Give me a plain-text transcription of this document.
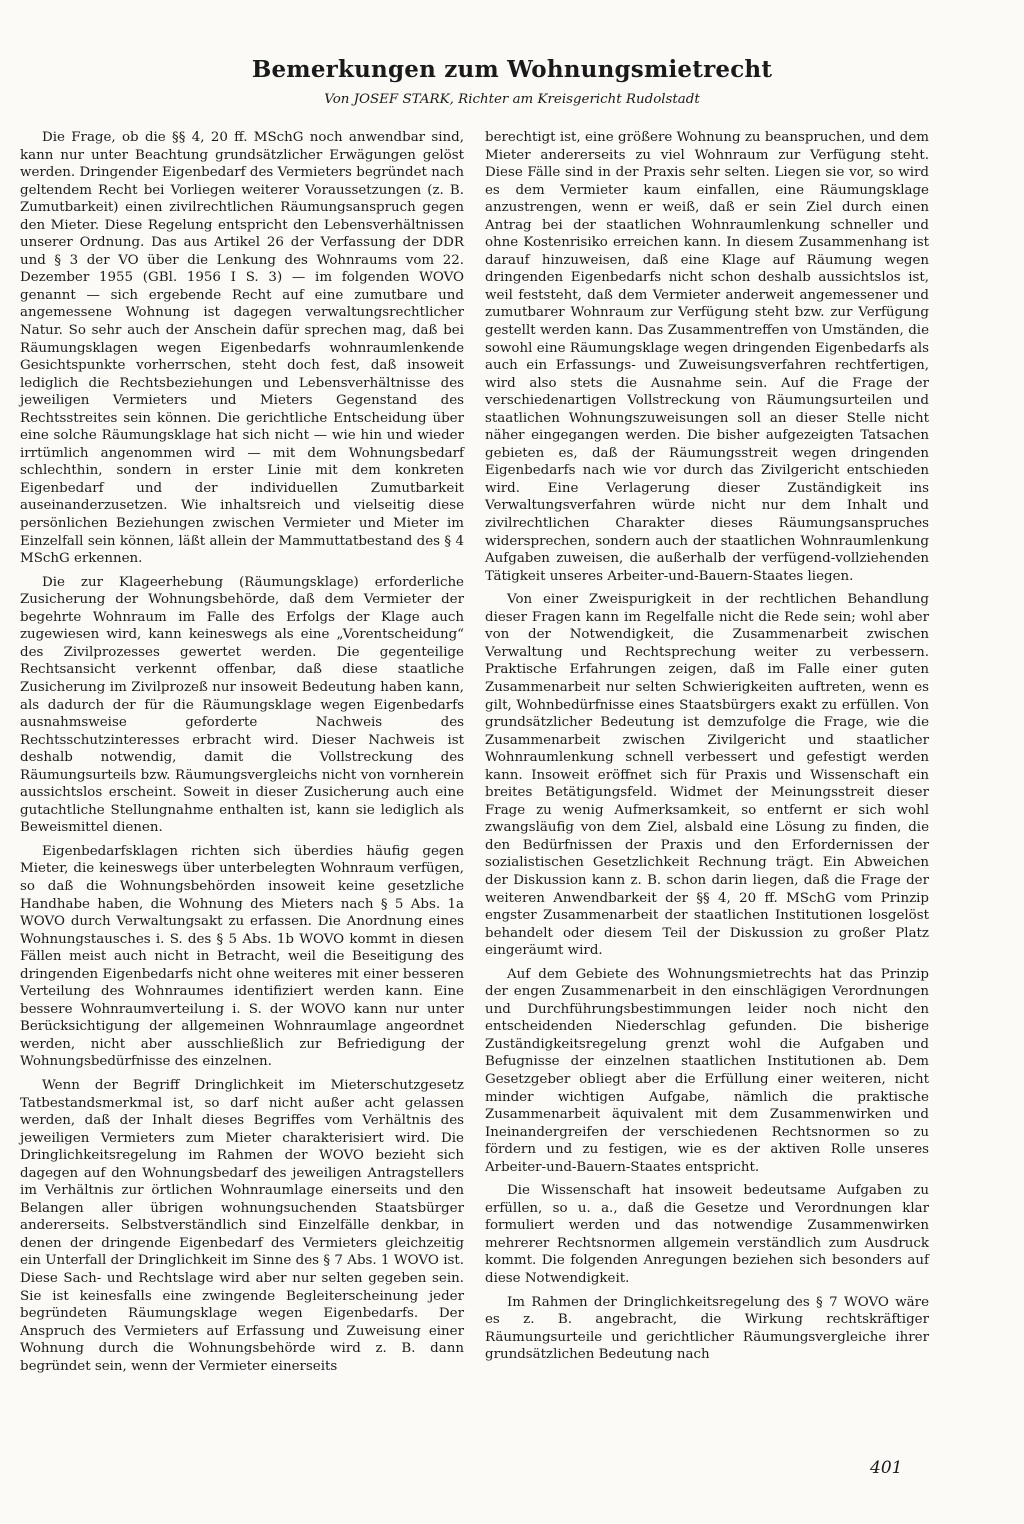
Bemerkungen zum Wohnungsmietrecht
Von JOSEF STARK, Richter am Kreisgericht Rudolstadt

Die Frage, ob die §§ 4, 20 ff. MSchG noch anwendbar sind, kann nur unter Beachtung grundsätzlicher Erwägungen gelöst werden. Dringender Eigenbedarf des Vermieters begründet nach geltendem Recht bei Vorliegen weiterer Voraussetzungen (z. B. Zumutbarkeit) einen zivilrechtlichen Räumungsanspruch gegen den Mieter. Diese Regelung entspricht den Lebensverhältnissen unserer Ordnung. Das aus Artikel 26 der Verfassung der DDR und § 3 der VO über die Lenkung des Wohnraums vom 22. Dezember 1955 (GBl. 1956 I S. 3) — im folgenden WOVO genannt — sich ergebende Recht auf eine zumutbare und angemessene Wohnung ist dagegen verwaltungsrechtlicher Natur. So sehr auch der Anschein dafür sprechen mag, daß bei Räumungsklagen wegen Eigenbedarfs wohnraumlenkende Gesichtspunkte vorherrschen, steht doch fest, daß insoweit lediglich die Rechtsbeziehungen und Lebensverhältnisse des jeweiligen Vermieters und Mieters Gegenstand des Rechtsstreites sein können. Die gerichtliche Entscheidung über eine solche Räumungsklage hat sich nicht — wie hin und wieder irrtümlich angenommen wird — mit dem Wohnungsbedarf schlechthin, sondern in erster Linie mit dem konkreten Eigenbedarf und der individuellen Zumutbarkeit auseinanderzusetzen. Wie inhaltsreich und vielseitig diese persönlichen Beziehungen zwischen Vermieter und Mieter im Einzelfall sein können, läßt allein der Mammuttatbestand des § 4 MSchG erkennen.

Die zur Klageerhebung (Räumungsklage) erforderliche Zusicherung der Wohnungsbehörde, daß dem Vermieter der begehrte Wohnraum im Falle des Erfolgs der Klage auch zugewiesen wird, kann keineswegs als eine „Vorentscheidung“ des Zivilprozesses gewertet werden. Die gegenteilige Rechtsansicht verkennt offenbar, daß diese staatliche Zusicherung im Zivilprozeß nur insoweit Bedeutung haben kann, als dadurch der für die Räumungsklage wegen Eigenbedarfs ausnahmsweise geforderte Nachweis des Rechtsschutzinteresses erbracht wird. Dieser Nachweis ist deshalb notwendig, damit die Vollstreckung des Räumungsurteils bzw. Räumungsvergleichs nicht von vornherein aussichtslos erscheint. Soweit in dieser Zusicherung auch eine gutachtliche Stellungnahme enthalten ist, kann sie lediglich als Beweismittel dienen.

Eigenbedarfsklagen richten sich überdies häufig gegen Mieter, die keineswegs über unterbelegten Wohnraum verfügen, so daß die Wohnungsbehörden insoweit keine gesetzliche Handhabe haben, die Wohnung des Mieters nach § 5 Abs. 1a WOVO durch Verwaltungsakt zu erfassen. Die Anordnung eines Wohnungstausches i. S. des § 5 Abs. 1b WOVO kommt in diesen Fällen meist auch nicht in Betracht, weil die Beseitigung des dringenden Eigenbedarfs nicht ohne weiteres mit einer besseren Verteilung des Wohnraumes identifiziert werden kann. Eine bessere Wohnraumverteilung i. S. der WOVO kann nur unter Berücksichtigung der allgemeinen Wohnraumlage angeordnet werden, nicht aber ausschließlich zur Befriedigung der Wohnungsbedürfnisse des einzelnen.

Wenn der Begriff Dringlichkeit im Mieterschutzgesetz Tatbestandsmerkmal ist, so darf nicht außer acht gelassen werden, daß der Inhalt dieses Begriffes vom Verhältnis des jeweiligen Vermieters zum Mieter charakterisiert wird. Die Dringlichkeitsregelung im Rahmen der WOVO bezieht sich dagegen auf den Wohnungsbedarf des jeweiligen Antragstellers im Verhältnis zur örtlichen Wohnraumlage einerseits und den Belangen aller übrigen wohnungsuchenden Staatsbürger andererseits. Selbstverständlich sind Einzelfälle denkbar, in denen der dringende Eigenbedarf des Vermieters gleichzeitig ein Unterfall der Dringlichkeit im Sinne des § 7 Abs. 1 WOVO ist. Diese Sach- und Rechtslage wird aber nur selten gegeben sein. Sie ist keinesfalls eine zwingende Begleiterscheinung jeder begründeten Räumungsklage wegen Eigenbedarfs. Der Anspruch des Vermieters auf Erfassung und Zuweisung einer Wohnung durch die Wohnungsbehörde wird z. B. dann begründet sein, wenn der Vermieter einerseits

berechtigt ist, eine größere Wohnung zu beanspruchen, und dem Mieter andererseits zu viel Wohnraum zur Verfügung steht. Diese Fälle sind in der Praxis sehr selten. Liegen sie vor, so wird es dem Vermieter kaum einfallen, eine Räumungsklage anzustrengen, wenn er weiß, daß er sein Ziel durch einen Antrag bei der staatlichen Wohnraumlenkung schneller und ohne Kostenrisiko erreichen kann. In diesem Zusammenhang ist darauf hinzuweisen, daß eine Klage auf Räumung wegen dringenden Eigenbedarfs nicht schon deshalb aussichtslos ist, weil feststeht, daß dem Vermieter anderweit angemessener und zumutbarer Wohnraum zur Verfügung steht bzw. zur Verfügung gestellt werden kann. Das Zusammentreffen von Umständen, die sowohl eine Räumungsklage wegen dringenden Eigenbedarfs als auch ein Erfassungs- und Zuweisungsverfahren rechtfertigen, wird also stets die Ausnahme sein. Auf die Frage der verschiedenartigen Vollstreckung von Räumungsurteilen und staatlichen Wohnungszuweisungen soll an dieser Stelle nicht näher eingegangen werden. Die bisher aufgezeigten Tatsachen gebieten es, daß der Räumungsstreit wegen dringenden Eigenbedarfs nach wie vor durch das Zivilgericht entschieden wird. Eine Verlagerung dieser Zuständigkeit ins Verwaltungsverfahren würde nicht nur dem Inhalt und zivilrechtlichen Charakter dieses Räumungsanspruches widersprechen, sondern auch der staatlichen Wohnraumlenkung Aufgaben zuweisen, die außerhalb der verfügend-vollziehenden Tätigkeit unseres Arbeiter-und-Bauern-Staates liegen.

Von einer Zweispurigkeit in der rechtlichen Behandlung dieser Fragen kann im Regelfalle nicht die Rede sein; wohl aber von der Notwendigkeit, die Zusammenarbeit zwischen Verwaltung und Rechtsprechung weiter zu verbessern. Praktische Erfahrungen zeigen, daß im Falle einer guten Zusammenarbeit nur selten Schwierigkeiten auftreten, wenn es gilt, Wohnbedürfnisse eines Staatsbürgers exakt zu erfüllen. Von grundsätzlicher Bedeutung ist demzufolge die Frage, wie die Zusammenarbeit zwischen Zivilgericht und staatlicher Wohnraumlenkung schnell verbessert und gefestigt werden kann. Insoweit eröffnet sich für Praxis und Wissenschaft ein breites Betätigungsfeld. Widmet der Meinungsstreit dieser Frage zu wenig Aufmerksamkeit, so entfernt er sich wohl zwangsläufig von dem Ziel, alsbald eine Lösung zu finden, die den Bedürfnissen der Praxis und den Erfordernissen der sozialistischen Gesetzlichkeit Rechnung trägt. Ein Abweichen der Diskussion kann z. B. schon darin liegen, daß die Frage der weiteren Anwendbarkeit der §§ 4, 20 ff. MSchG vom Prinzip engster Zusammenarbeit der staatlichen Institutionen losgelöst behandelt oder diesem Teil der Diskussion zu großer Platz eingeräumt wird.

Auf dem Gebiete des Wohnungsmietrechts hat das Prinzip der engen Zusammenarbeit in den einschlägigen Verordnungen und Durchführungsbestimmungen leider noch nicht den entscheidenden Niederschlag gefunden. Die bisherige Zuständigkeitsregelung grenzt wohl die Aufgaben und Befugnisse der einzelnen staatlichen Institutionen ab. Dem Gesetzgeber obliegt aber die Erfüllung einer weiteren, nicht minder wichtigen Aufgabe, nämlich die praktische Zusammenarbeit äquivalent mit dem Zusammenwirken und Ineinandergreifen der verschiedenen Rechtsnormen so zu fördern und zu festigen, wie es der aktiven Rolle unseres Arbeiter-und-Bauern-Staates entspricht.

Die Wissenschaft hat insoweit bedeutsame Aufgaben zu erfüllen, so u. a., daß die Gesetze und Verordnungen klar formuliert werden und das notwendige Zusammenwirken mehrerer Rechtsnormen allgemein verständlich zum Ausdruck kommt. Die folgenden Anregungen beziehen sich besonders auf diese Notwendigkeit.

Im Rahmen der Dringlichkeitsregelung des § 7 WOVO wäre es z. B. angebracht, die Wirkung rechtskräftiger Räumungsurteile und gerichtlicher Räumungsvergleiche ihrer grundsätzlichen Bedeutung nach

401
